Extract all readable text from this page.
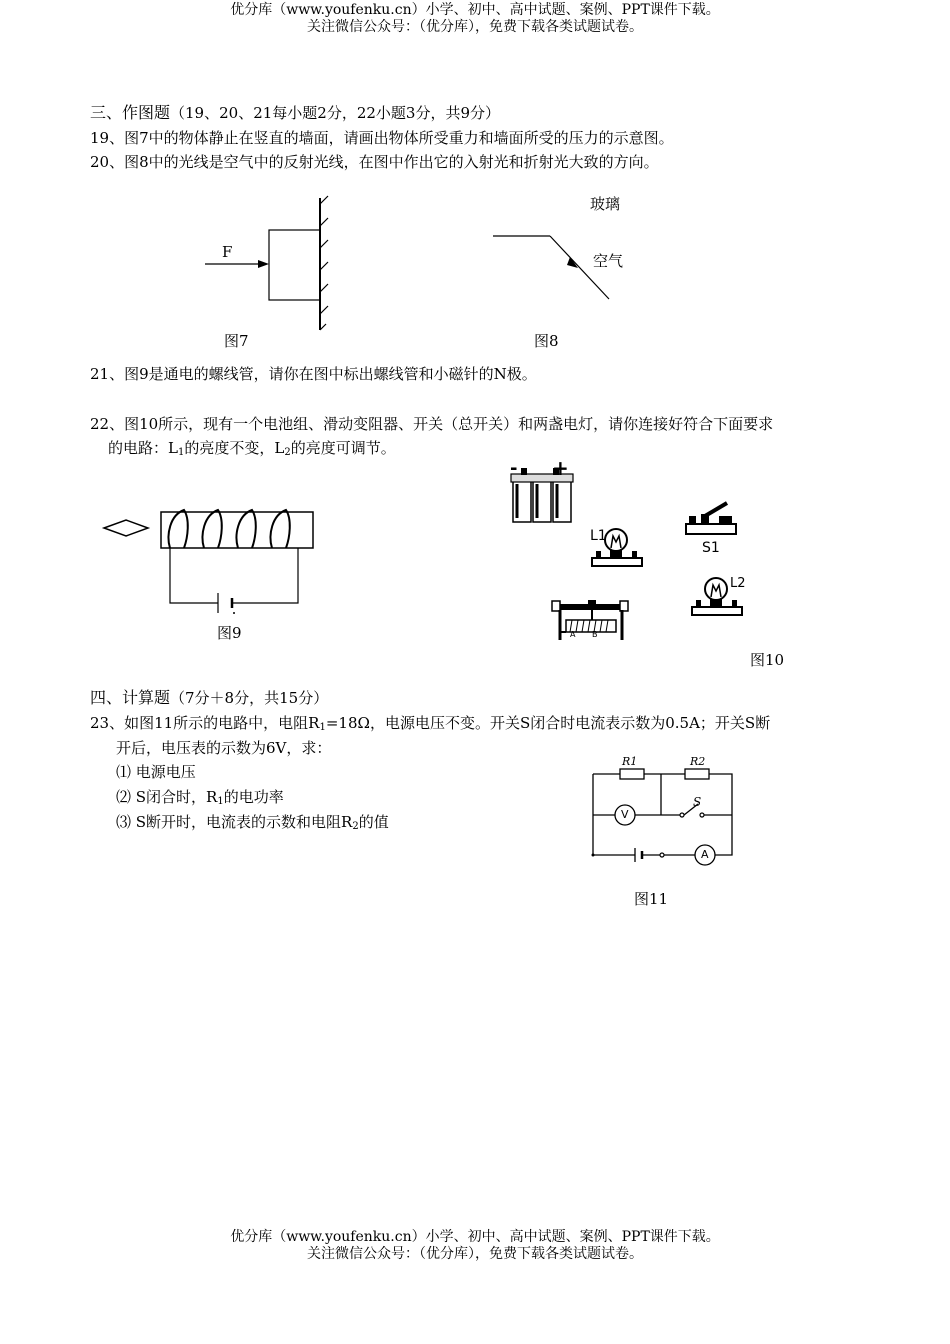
优分库（www.youfenku.cn）小学、初中、高中试题、案例、PPT课件下载。
关注微信公众号：（优分库），免费下载各类试题试卷。
三、作图题（19、20、21每小题2分，22小题3分，共9分）
19、图7中的物体静止在竖直的墙面，请画出物体所受重力和墙面所受的压力的示意图。
20、图8中的光线是空气中的反射光线，在图中作出它的入射光和折射光大致的方向。
F
图7
玻璃
空气
图8
21、图9是通电的螺线管，请你在图中标出螺线管和小磁针的N极。
22、图10所示，现有一个电池组、滑动变阻器、开关（总开关）和两盏电灯，请你连接好符合下面要求
的电路：$L_1$的亮度不变，$L_2$的亮度可调节。
图9
- +
L1
S1
A B
L2
图10
四、计算题（7分＋8分，共15分）
23、如图11所示的电路中，电阻$R_1=18\Omega$，电源电压不变。开关S闭合时电流表示数为0.5A；开关S断
开后，电压表的示数为6V，求：
⑴ 电源电压
⑵ S闭合时，$R_1$的电功率
⑶ S断开时，电流表的示数和电阻$R_2$的值
R1	R2
S
V
A
图11
优分库（www.youfenku.cn）小学、初中、高中试题、案例、PPT课件下载。
关注微信公众号：（优分库），免费下载各类试题试卷。
